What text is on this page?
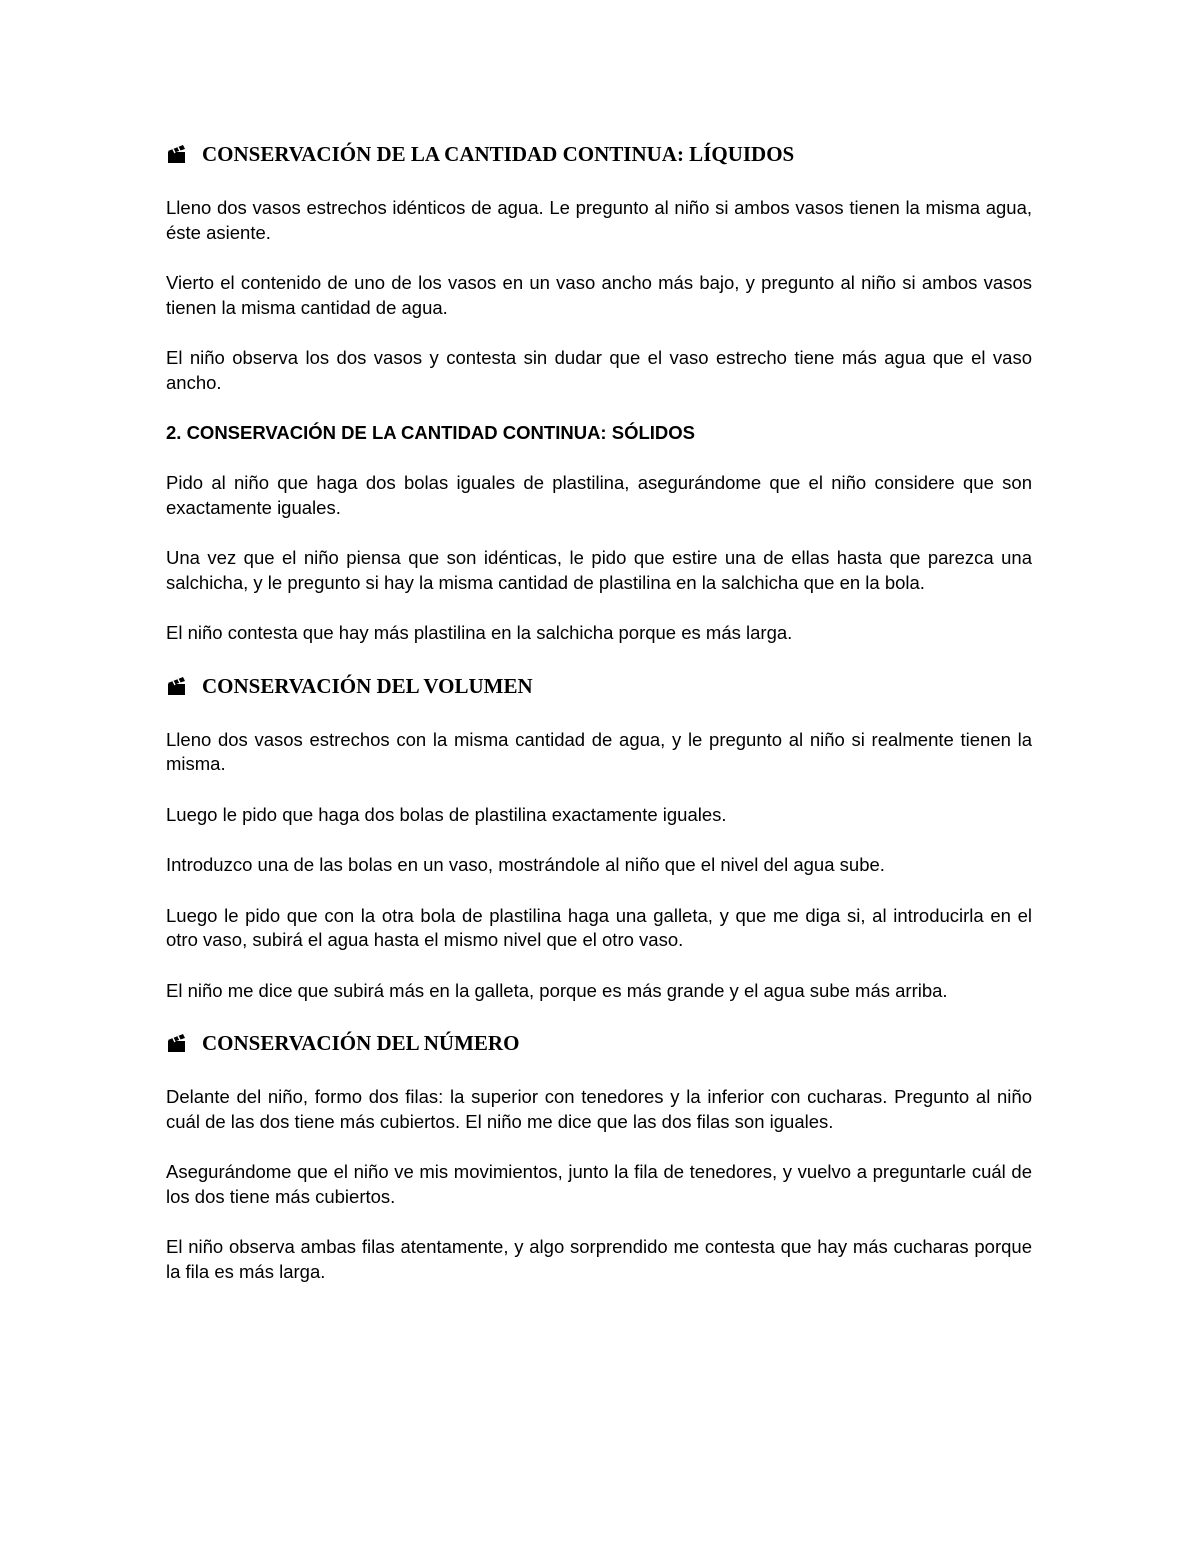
CONSERVACIÓN DE LA CANTIDAD CONTINUA: LÍQUIDOS

Lleno dos vasos estrechos idénticos de agua. Le pregunto al niño si ambos vasos tienen la misma agua, éste asiente.

Vierto el contenido de uno de los vasos en un vaso ancho más bajo, y pregunto al niño si ambos vasos tienen la misma cantidad de agua.

El niño observa los dos vasos y contesta sin dudar que el vaso estrecho tiene más agua que el vaso ancho.

2. CONSERVACIÓN DE LA CANTIDAD CONTINUA: SÓLIDOS

Pido al niño que haga dos bolas iguales de plastilina, asegurándome que el niño considere que son exactamente iguales.

Una vez que el niño piensa que son idénticas, le pido que estire una de ellas hasta que parezca una salchicha, y le pregunto si hay la misma cantidad de plastilina en la salchicha que en la bola.

El niño contesta que hay más plastilina en la salchicha porque es más larga.

CONSERVACIÓN DEL VOLUMEN

Lleno dos vasos estrechos con la misma cantidad de agua, y le pregunto al niño si realmente tienen la misma.

Luego le pido que haga dos bolas de plastilina exactamente iguales.

Introduzco una de las bolas en un vaso, mostrándole al niño que el nivel del agua sube.

Luego le pido que con la otra bola de plastilina haga una galleta, y que me diga si, al introducirla en el otro vaso, subirá el agua hasta el mismo nivel que el otro vaso.

El niño me dice que subirá más en la galleta, porque es más grande y el agua sube más arriba.

CONSERVACIÓN DEL NÚMERO

Delante del niño, formo dos filas: la superior con tenedores y la inferior con cucharas. Pregunto al niño cuál de las dos tiene más cubiertos. El niño me dice que las dos filas son iguales.

Asegurándome que el niño ve mis movimientos, junto la fila de tenedores, y vuelvo a preguntarle cuál de los dos tiene más cubiertos.

El niño observa ambas filas atentamente, y algo sorprendido me contesta que hay más cucharas porque la fila es más larga.
